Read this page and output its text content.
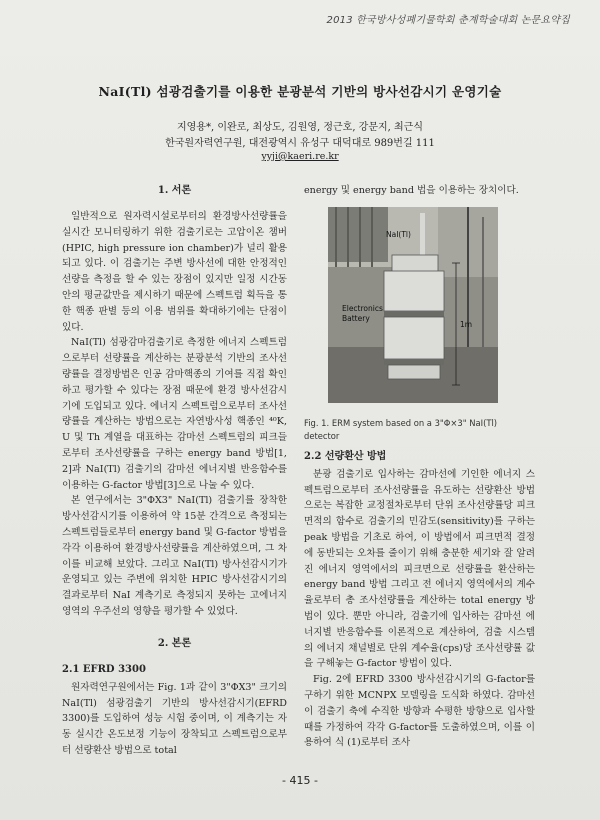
2013 한국방사성폐기물학회 춘계학술대회 논문요약집
NaI(Tl) 섬광검출기를 이용한 분광분석 기반의 방사선감시기 운영기술
지영용*, 이완로, 최상도, 김원영, 정근호, 강문지, 최근식
한국원자력연구원, 대전광역시 유성구 대덕대로 989번길 111
yyji@kaeri.re.kr
1. 서론

일반적으로 원자력시설로부터의 환경방사선량률을 실시간 모니터링하기 위한 검출기로는 고압이온 챔버(HPIC, high pressure ion chamber)가 널리 활용되고 있다. 이 검출기는 주변 방사선에 대한 안정적인 선량을 측정을 할 수 있는 장점이 있지만 일정 시간동안의 평균값만을 제시하기 때문에 스펙트럼 획득을 통한 핵종 판별 등의 이용 범위를 확대하기에는 단점이 있다.

NaI(Tl) 섬광감마검출기로 측정한 에너지 스펙트럼으로부터 선량률을 계산하는 분광분석 기반의 조사선량률을 결정방법은 인공 감마핵종의 기여를 직접 확인하고 평가할 수 있다는 장점 때문에 환경 방사선감시기에 도입되고 있다. 에너지 스펙트럼으로부터 조사선량률을 계산하는 방법으로는 자연방사성 핵종인 ⁴⁰K, U 및 Th 계열을 대표하는 감마선 스펙트럼의 피크들로부터 조사선량률을 구하는 energy band 방법[1, 2]과 NaI(Tl) 검출기의 감마선 에너지별 반응함수를 이용하는 G-factor 방법[3]으로 나눌 수 있다.

본 연구에서는 3"ΦX3" NaI(Tl) 검출기를 장착한 방사선감시기를 이용하여 약 15분 간격으로 측정되는 스펙트럼들로부터 energy band 및 G-factor 방법을 각각 이용하여 환경방사선량률을 계산하였으며, 그 차이를 비교해 보았다. 그리고 NaI(Tl) 방사선감시기가 운영되고 있는 주변에 위치한 HPIC 방사선감시기의 결과로부터 NaI 계측기로 측정되지 못하는 고에너지 영역의 우주선의 영향을 평가할 수 있었다.

2. 본론
2.1 EFRD 3300

원자력연구원에서는 Fig. 1과 같이 3"ΦX3" 크기의 NaI(Tl) 섬광검출기 기반의 방사선감시기(EFRD 3300)를 도입하여 성능 시험 중이며, 이 계측기는 자동 실시간 온도보정 기능이 장착되고 스펙트럼으로부터 선량환산 방법으로 total

energy 및 energy band 법을 이용하는 장치이다.

NaI(Tl)
Electronics
Battery
1m
Fig. 1. ERM system based on a 3"Φ×3" NaI(Tl) detector
2.2 선량환산 방법

분광 검출기로 입사하는 감마선에 기인한 에너지 스펙트럼으로부터 조사선량률을 유도하는 선량환산 방법으로는 복잡한 교정절차로부터 단위 조사선량률당 피크면적의 함수로 검출기의 민감도(sensitivity)를 구하는 peak 방법을 기초로 하여, 이 방법에서 피크면적 결정에 동반되는 오차를 줄이기 위해 충분한 세기와 잘 알려진 에너지 영역에서의 피크면으로 선량률을 환산하는 energy band 방법 그리고 전 에너지 영역에서의 계수율로부터 총 조사선량률을 계산하는 total energy 방법이 있다. 뿐만 아니라, 검출기에 입사하는 감마선 에너지별 반응함수를 이론적으로 계산하여, 검출 시스템의 에너지 채널별로 단위 계수율(cps)당 조사선량률 값을 구해놓는 G-factor 방법이 있다.

Fig. 2에 EFRD 3300 방사선감시기의 G-factor를 구하기 위한 MCNPX 모델링을 도식화 하였다. 감마선이 검출기 축에 수직한 방향과 수평한 방향으로 입사할 때를 가정하여 각각 G-factor를 도출하였으며, 이를 이용하여 식 (1)로부터 조사

- 415 -
